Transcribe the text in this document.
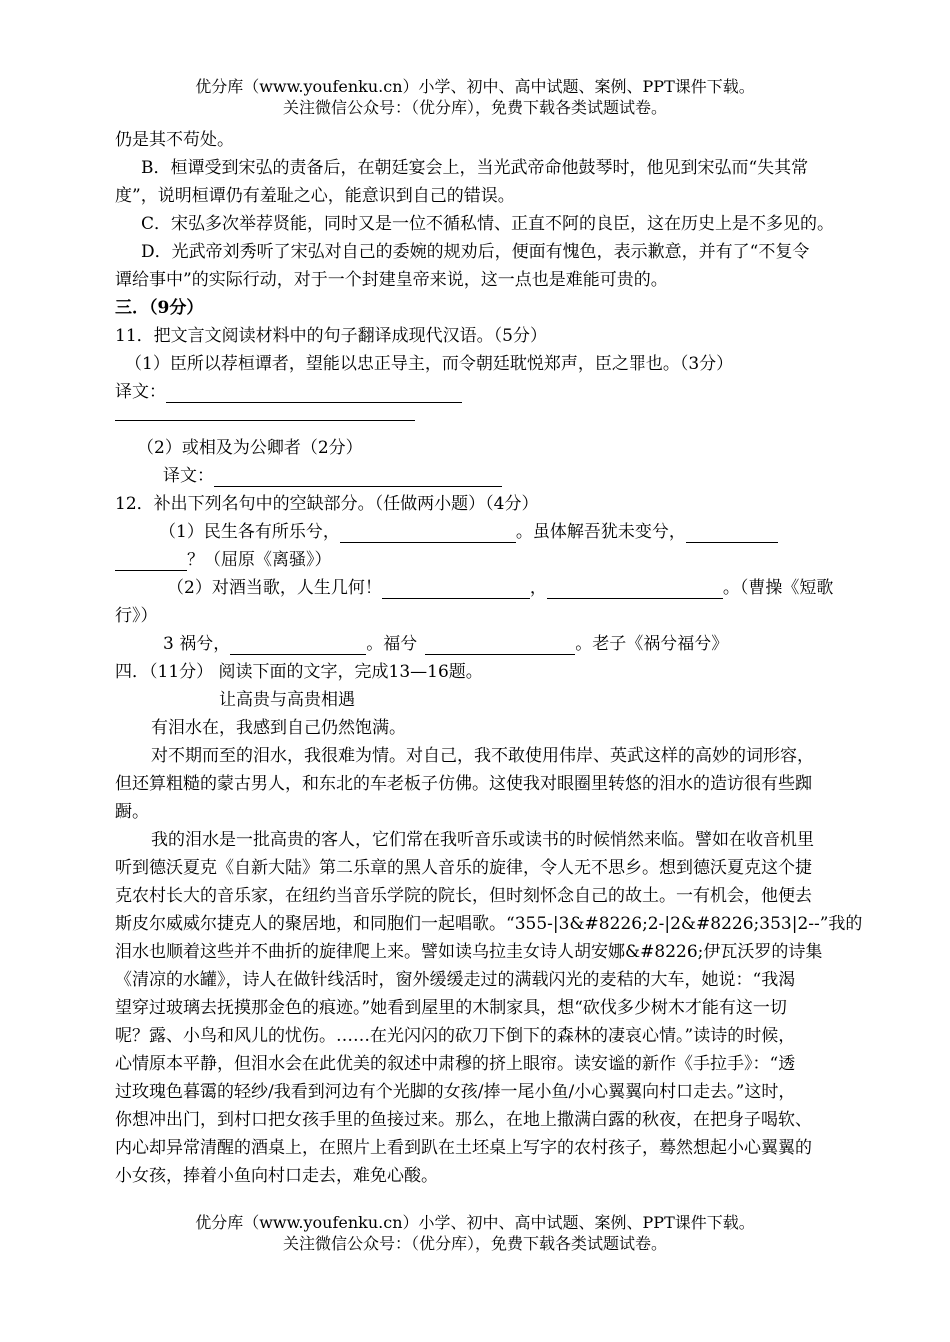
优分库（www.youfenku.cn）小学、初中、高中试题、案例、PPT课件下载。
关注微信公众号：（优分库），免费下载各类试题试卷。
仍是其不苟处。
B．桓谭受到宋弘的责备后，在朝廷宴会上，当光武帝命他鼓琴时，他见到宋弘而“失其常
度”，说明桓谭仍有羞耻之心，能意识到自己的错误。
C．宋弘多次举荐贤能，同时又是一位不循私情、正直不阿的良臣，这在历史上是不多见的。
D．光武帝刘秀听了宋弘对自己的委婉的规劝后，便面有愧色，表示歉意，并有了“不复令
谭给事中”的实际行动，对于一个封建皇帝来说，这一点也是难能可贵的。
三．（9分）
11．把文言文阅读材料中的句子翻译成现代汉语。（5分）
（1）臣所以荐桓谭者，望能以忠正导主，而令朝廷耽悦郑声，臣之罪也。（3分）
译文：
（2）或相及为公卿者（2分）
译文：
12．补出下列名句中的空缺部分。（任做两小题）（4分）
（1）民生各有所乐兮，	。虽体解吾犹未变兮，
？（屈原《离骚》）
（2）对酒当歌，人生几何！	，	。（曹操《短歌
行》）
3 祸兮，	。福兮	。老子《祸兮福兮》
四．（11分） 阅读下面的文字，完成13—16题。
让高贵与高贵相遇
有泪水在，我感到自己仍然饱满。
对不期而至的泪水，我很难为情。对自己，我不敢使用伟岸、英武这样的高妙的词形容，
但还算粗糙的蒙古男人，和东北的车老板子仿佛。这使我对眼圈里转悠的泪水的造访很有些踟
蹰。
我的泪水是一批高贵的客人，它们常在我听音乐或读书的时候悄然来临。譬如在收音机里
听到德沃夏克《自新大陆》第二乐章的黑人音乐的旋律，令人无不思乡。想到德沃夏克这个捷
克农村长大的音乐家，在纽约当音乐学院的院长，但时刻怀念自己的故土。一有机会，他便去
斯皮尔威威尔捷克人的聚居地，和同胞们一起唱歌。“355-|3&#8226;2-|2&#8226;353|2--”我的
泪水也顺着这些并不曲折的旋律爬上来。譬如读乌拉圭女诗人胡安娜&#8226;伊瓦沃罗的诗集
《清凉的水罐》，诗人在做针线活时，窗外缓缓走过的满载闪光的麦秸的大车，她说：“我渴
望穿过玻璃去抚摸那金色的痕迹。”她看到屋里的木制家具，想“砍伐多少树木才能有这一切
呢？露、小鸟和风儿的忧伤。……在光闪闪的砍刀下倒下的森林的凄哀心情。”读诗的时候，
心情原本平静，但泪水会在此优美的叙述中肃穆的挤上眼帘。读安谧的新作《手拉手》：“透
过玫瑰色暮霭的轻纱/我看到河边有个光脚的女孩/捧一尾小鱼/小心翼翼向村口走去。”这时，
你想冲出门，到村口把女孩手里的鱼接过来。那么，在地上撒满白露的秋夜，在把身子喝软、
内心却异常清醒的酒桌上，在照片上看到趴在土坯桌上写字的农村孩子，蓦然想起小心翼翼的
小女孩，捧着小鱼向村口走去，难免心酸。
优分库（www.youfenku.cn）小学、初中、高中试题、案例、PPT课件下载。
关注微信公众号：（优分库），免费下载各类试题试卷。
